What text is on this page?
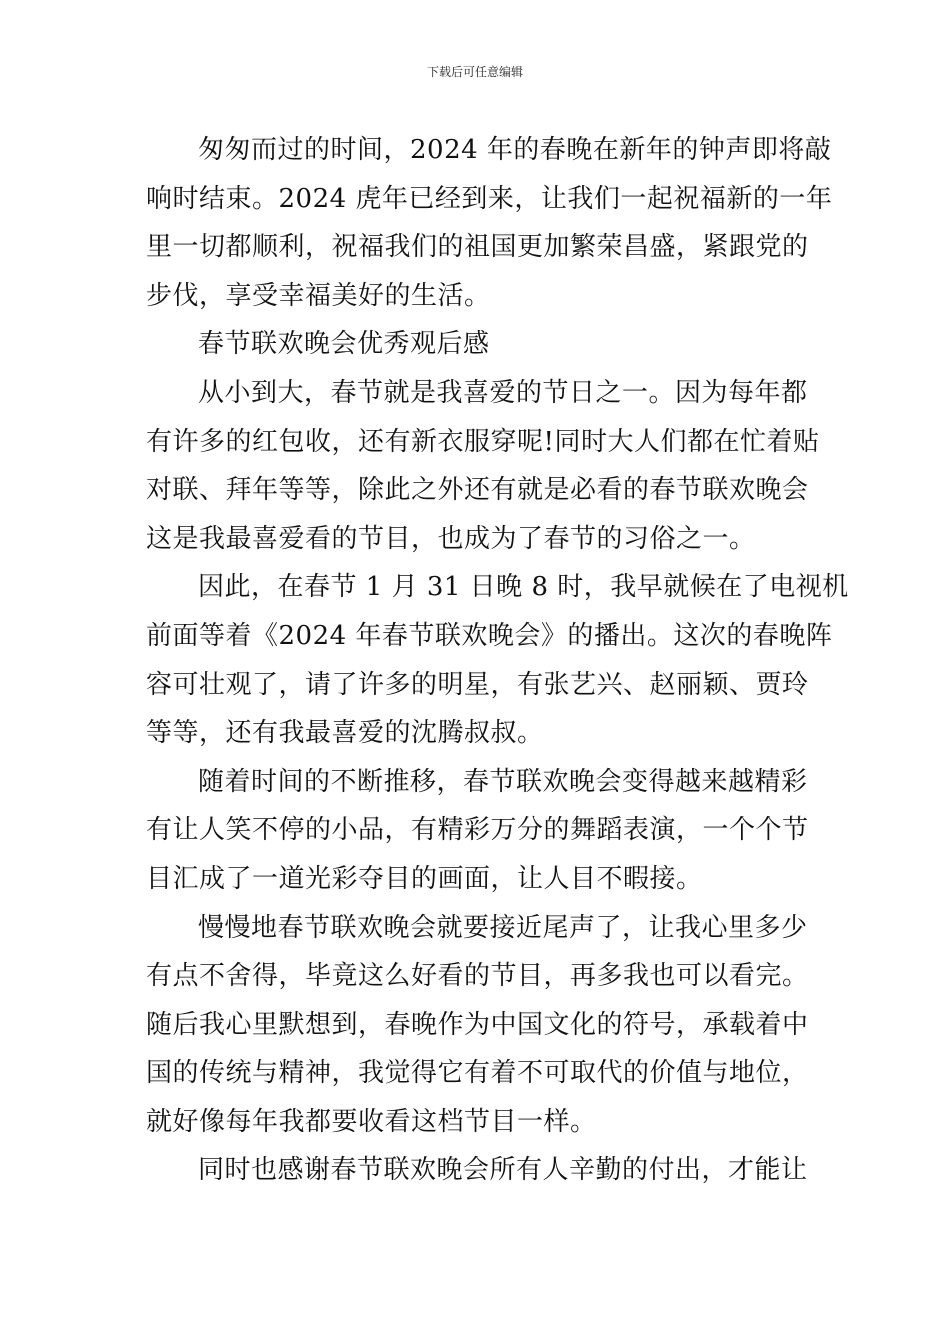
下载后可任意编辑
匆匆而过的时间，2024 年的春晚在新年的钟声即将敲
响时结束。2024 虎年已经到来，让我们一起祝福新的一年
里一切都顺利，祝福我们的祖国更加繁荣昌盛，紧跟党的
步伐，享受幸福美好的生活。
春节联欢晚会优秀观后感
从小到大，春节就是我喜爱的节日之一。因为每年都
有许多的红包收，还有新衣服穿呢!同时大人们都在忙着贴
对联、拜年等等，除此之外还有就是必看的春节联欢晚会
这是我最喜爱看的节目，也成为了春节的习俗之一。
因此，在春节 1 月 31 日晚 8 时，我早就候在了电视机
前面等着《2024 年春节联欢晚会》的播出。这次的春晚阵
容可壮观了，请了许多的明星，有张艺兴、赵丽颖、贾玲
等等，还有我最喜爱的沈腾叔叔。
随着时间的不断推移，春节联欢晚会变得越来越精彩
有让人笑不停的小品，有精彩万分的舞蹈表演，一个个节
目汇成了一道光彩夺目的画面，让人目不暇接。
慢慢地春节联欢晚会就要接近尾声了，让我心里多少
有点不舍得，毕竟这么好看的节目，再多我也可以看完。
随后我心里默想到，春晚作为中国文化的符号，承载着中
国的传统与精神，我觉得它有着不可取代的价值与地位，
就好像每年我都要收看这档节目一样。
同时也感谢春节联欢晚会所有人辛勤的付出，才能让
